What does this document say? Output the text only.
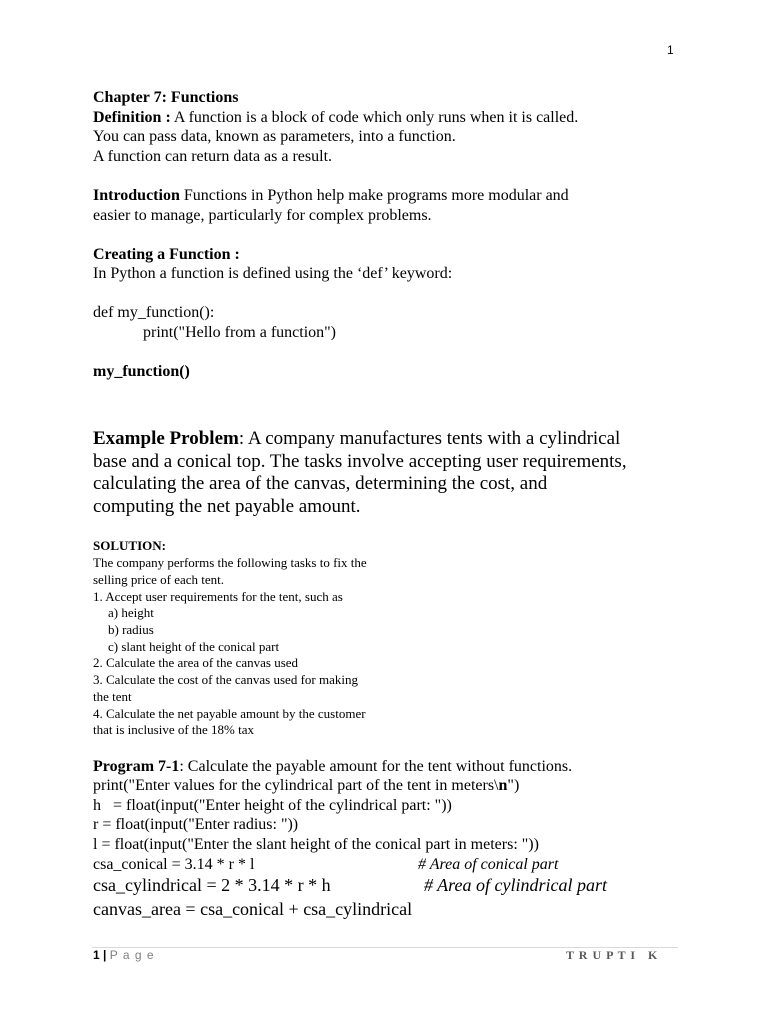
1
Chapter 7: Functions
Definition : A function is a block of code which only runs when it is called.
You can pass data, known as parameters, into a function.
A function can return data as a result.
Introduction Functions in Python help make programs more modular and
easier to manage, particularly for complex problems.
Creating a Function :
In Python a function is defined using the ‘def’ keyword:
def my_function():
print("Hello from a function")
my_function()
Example Problem: A company manufactures tents with a cylindrical
base and a conical top. The tasks involve accepting user requirements,
calculating the area of the canvas, determining the cost, and
computing the net payable amount.
SOLUTION:
The company performs the following tasks to fix the
selling price of each tent.
1. Accept user requirements for the tent, such as
a) height
b) radius
c) slant height of the conical part
2. Calculate the area of the canvas used
3. Calculate the cost of the canvas used for making
the tent
4. Calculate the net payable amount by the customer
that is inclusive of the 18% tax
Program 7-1: Calculate the payable amount for the tent without functions.
print("Enter values for the cylindrical part of the tent in meters\n")
h   = float(input("Enter height of the cylindrical part: "))
r = float(input("Enter radius: "))
l = float(input("Enter the slant height of the conical part in meters: "))
csa_conical = 3.14 * r * l	# Area of conical part
csa_cylindrical = 2 * 3.14 * r * h	# Area of cylindrical part
canvas_area = csa_conical + csa_cylindrical
1 | P a g e	T R U P T I   K
